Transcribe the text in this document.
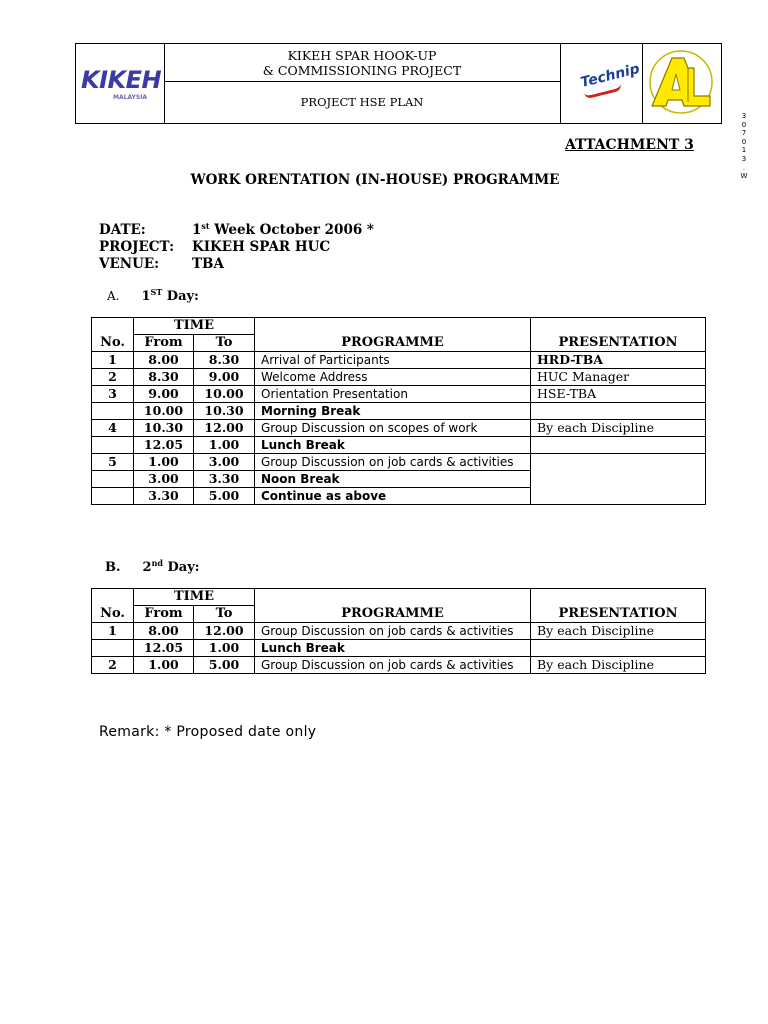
KIKEH
MALAYSIA
KIKEH SPAR HOOK-UP
& COMMISSIONING PROJECT
PROJECT HSE PLAN
Technip
3
0
7
0
1
3
.
W
ATTACHMENT 3
WORK ORENTATION (IN-HOUSE) PROGRAMME
DATE:	1st Week October 2006 *
PROJECT: KIKEH SPAR HUC
VENUE: TBA
A. 1ST Day:
No.	TIME		PROGRAMME	PRESENTATION
	From	To		
1	8.00	8.30	Arrival of Participants	HRD-TBA
2	8.30	9.00	Welcome Address	HUC Manager
3	9.00	10.00	Orientation Presentation	HSE-TBA
	10.00	10.30	Morning Break	
4	10.30	12.00	Group Discussion on scopes of work	By each Discipline
	12.05	1.00	Lunch Break	
5	1.00	3.00	Group Discussion on job cards & activities	
	3.00	3.30	Noon Break	
	3.30	5.00	Continue as above	
B. 2nd Day:
No.	TIME		PROGRAMME	PRESENTATION
	From	To		
1	8.00	12.00	Group Discussion on job cards & activities	By each Discipline
	12.05	1.00	Lunch Break	
2	1.00	5.00	Group Discussion on job cards & activities	By each Discipline
Remark: * Proposed date only
